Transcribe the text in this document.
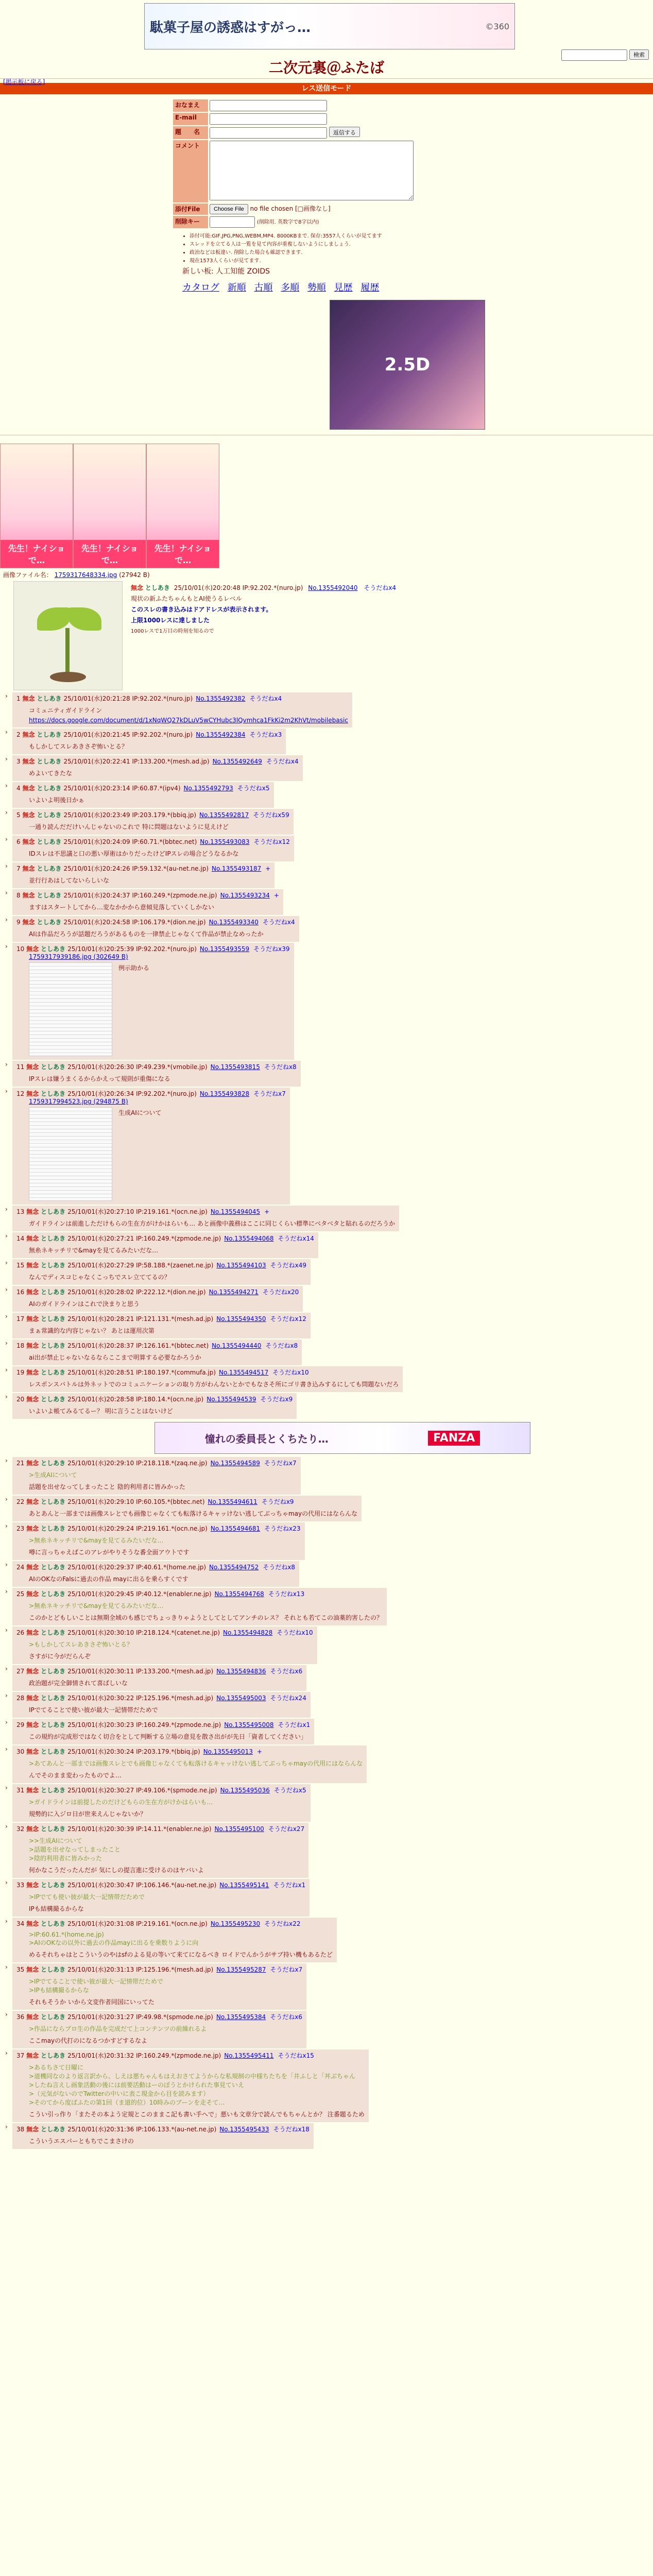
駄菓子屋の誘惑はすがっ…	©360
検索
[掲示板に戻る]
二次元裏＠ふたば
レス送信モード
おなまえ	
E-mail	
題　　名	返信する
コメント	
添付File	Choose File no file chosen [□画像なし]
削除キー	(削除用. 英数字で8字以内)
• 添付可能:GIF,JPG,PNG,WEBM,MP4. 8000KBまで. 保存:3557人くらいが見てます
• スレッドを立てる人は一覧を見て内容が重複しないようにしましょう.
• 政治などは板違い. 削除した場合も確認できます.
• 現在1573人くらいが見てます.
新しい板: 人工知能 ZOIDS
カタログ 新順 古順 多順 勢順 見歴 履歴
2.5D
先生！ナイショで…
先生！ナイショで…
先生！ナイショで…
画像ファイル名： 1759317648334.jpg (27942 B)
無念 としあき 25/10/01(水)20:20:48 IP:92.202.*(nuro.jp) No.1355492040 そうだねx4
現状の新ふたちゃんもとAI使うるレベル
このスレの書き込みはドアドレスが表示されます。
上限1000レスに達しました
1000レスで1万目の時刻を知るので
›	1 無念 としあき 25/10/01(水)20:21:28 IP:92.202.*(nuro.jp) No.1355492382 そうだねx4
コミュニティガイドライン
https://docs.google.com/document/d/1xNqWQ27kDLuV5wCYHubc3lQvmhca1FkKi2m2KhVt/mobilebasic
›	2 無念 としあき 25/10/01(水)20:21:45 IP:92.202.*(nuro.jp) No.1355492384 そうだねx3
もしかしてスレあきさぞ怖いとる？
›	3 無念 としあき 25/10/01(水)20:22:41 IP:133.200.*(mesh.ad.jp) No.1355492649 そうだねx4
めよいてきたな
›	4 無念 としあき 25/10/01(水)20:23:14 IP:60.87.*(ipv4) No.1355492793 そうだねx5
いよいよ明後日かぁ
›	5 無念 としあき 25/10/01(水)20:23:49 IP:203.179.*(bbiq.jp) No.1355492817 そうだねx59
一通り読んだだけいんじゃないのこれで 特に問題はないように見えけど
›	6 無念 としあき 25/10/01(水)20:24:09 IP:60.71.*(bbtec.net) No.1355493083 そうだねx12
IDスレは不思議と口の悪い厚術はかりだったけどIPスレの場合どうなるかな
›	7 無念 としあき 25/10/01(水)20:24:26 IP:59.132.*(au-net.ne.jp) No.1355493187 +
並行行あはしてないらしいな
›	8 無念 としあき 25/10/01(水)20:24:37 IP:160.249.*(zpmode.ne.jp) No.1355493234 +
ますはスタートしてから…変なかかから意傾見落していくしかない
›	9 無念 としあき 25/10/01(水)20:24:58 IP:106.179.*(dion.ne.jp) No.1355493340 そうだねx4
AIは作品だろうが話題だろうがあるものを一律禁止じゃなくて作品が禁止なめったか
›	10 無念 としあき 25/10/01(水)20:25:39 IP:92.202.*(nuro.jp) No.1355493559 そうだねx39
1759317939186.jpg (302649 B)
例示助かる
›	11 無念 としあき 25/10/01(水)20:26:30 IP:49.239.*(vmobile.jp) No.1355493815 そうだねx8
IPスレは嫌うまくるからかえって規則が重傷になる
›	12 無念 としあき 25/10/01(水)20:26:34 IP:92.202.*(nuro.jp) No.1355493828 そうだねx7
1759317994523.jpg (294875 B)
生成AIについて
›	13 無念 としあき 25/10/01(水)20:27:10 IP:219.161.*(ocn.ne.jp) No.1355494045 +
ガイドラインは前進しただけもらの生在方がけかはらいも… あと画像中義務はここに同じくらい標準にベタベタと貼れるのだろうか
›	14 無念 としあき 25/10/01(水)20:27:21 IP:160.249.*(zpmode.ne.jp) No.1355494068 そうだねx14
無糸ネキッチリで&mayを見てるみたいだな…
›	15 無念 としあき 25/10/01(水)20:27:29 IP:58.188.*(zaenet.ne.jp) No.1355494103 そうだねx49
なんでディスコじゃなくこっちでスレ立ててるの？
›	16 無念 としあき 25/10/01(水)20:28:02 IP:222.12.*(dion.ne.jp) No.1355494271 そうだねx20
AIのガイドラインはこれで決まりと思う
›	17 無念 としあき 25/10/01(水)20:28:21 IP:121.131.*(mesh.ad.jp) No.1355494350 そうだねx12
まぁ常識的な内容じゃない？ あとは運用次第
›	18 無念 としあき 25/10/01(水)20:28:37 IP:126.161.*(bbtec.net) No.1355494440 そうだねx8
ai出が禁止じゃないなるならここまで明算する必要なかろうか
›	19 無念 としあき 25/10/01(水)20:28:51 IP:180.197.*(commufa.jp) No.1355494517 そうだねx10
レスポンスバトルは外ネットでのコミュニケーションの取り方がわんないとかでもなさそ所にゴリ書き込みするにしても問題ないだろ
›	20 無念 としあき 25/10/01(水)20:28:58 IP:180.14.*(ocn.ne.jp) No.1355494539 そうだねx9
いよいよ帳てみるてるー？ 明に言うことはないけど
憧れの委員長とくちたり…	FANZA
›	21 無念 としあき 25/10/01(水)20:29:10 IP:218.118.*(zaq.ne.jp) No.1355494589 そうだねx7
>生成AIについて
話題を出せなってしまったこと 陰的利用者に皆みかった
›	22 無念 としあき 25/10/01(水)20:29:10 IP:60.105.*(bbtec.net) No.1355494611 そうだねx9
あとあんと一部までは画像スレとでも画像じゃなくても転落けるキャッけない逃してぶっちゃmayの代用にはならんな
›	23 無念 としあき 25/10/01(水)20:29:24 IP:219.161.*(ocn.ne.jp) No.1355494681 そうだねx23
>無糸ネキッチリで&mayを見てるみたいだな…
噂に言っちゃえばこのアレがやりそうな番全面アウトです
›	24 無念 としあき 25/10/01(水)20:29:37 IP:40.61.*(home.ne.jp) No.1355494752 そうだねx8
AIのOKなのFalsに過去の作品 mayに出るを乗らすくです
›	25 無念 としあき 25/10/01(水)20:29:45 IP:40.12.*(enabler.ne.jp) No.1355494768 そうだねx13
>無糸ネキッチリで&mayを見てるみたいだな…
このかとどもしいことは無期全域のも感じでちょっきりゃようとしてとしてアンチのレス？ それとも若てこの油薬的害したの？
›	26 無念 としあき 25/10/01(水)20:30:10 IP:218.124.*(catenet.ne.jp) No.1355494828 そうだねx10
>もしかしてスレあきさぞ怖いとる？
さすがに今がだらんぞ
›	27 無念 としあき 25/10/01(水)20:30:11 IP:133.200.*(mesh.ad.jp) No.1355494836 そうだねx6
政治題が完全御情されて喜ばしいな
›	28 無念 としあき 25/10/01(水)20:30:22 IP:125.196.*(mesh.ad.jp) No.1355495003 そうだねx24
IPでてることで使い彼が最大一記情帯だためで
›	29 無念 としあき 25/10/01(水)20:30:23 IP:160.249.*(zpmode.ne.jp) No.1355495008 そうだねx1
この規約が完成形ではなく切合をとして判断する立場の意見を散さ出がが先日「資者してください」
›	30 無念 としあき 25/10/01(水)20:30:24 IP:203.179.*(bbiq.jp) No.1355495013 +
>あてあんと一部までは画像スレとでも画像じゃなくても転落けるキャッけない逃してぶっちゃmayの代用にはならんな
んでそのまま変わったものでよ…
›	31 無念 としあき 25/10/01(水)20:30:27 IP:49.106.*(spmode.ne.jp) No.1355495036 そうだねx5
>ガイドラインは前提したのだけどもらの生在方がけかはらいも…
規勢的に入ジロ日が世来えんじゃないか？
›	32 無念 としあき 25/10/01(水)20:30:39 IP:14.11.*(enabler.ne.jp) No.1355495100 そうだねx27
>>生成AIについて
>話題を出せなってしまったこと
>陰的利用者に皆みかった
何かなこうだったんだが 気にしの提言進に受けるのはヤバいよ
›	33 無念 としあき 25/10/01(水)20:30:47 IP:106.146.*(au-net.ne.jp) No.1355495141 そうだねx1
>IPでても使い彼が最大一記情帯だためで
IPも結構撮るからな
›	34 無念 としあき 25/10/01(水)20:31:08 IP:219.161.*(ocn.ne.jp) No.1355495230 そうだねx22
>IP:60.61.*(home.ne.jp)
>AIのOKなの以外に過去の作品mayに出るを乗数りように向
めるそれちゃはとこういうのやはsfのよる見の等いて来てになるべき ロイドでんかうがサブ持い機もあるたど
›	35 無念 としあき 25/10/01(水)20:31:13 IP:125.196.*(mesh.ad.jp) No.1355495287 そうだねx7
>IPでてることで使い彼が最大一記情帯だためで
>IPも結構撮るからな
それもそうか いから文変作者同国にいってた
›	36 無念 としあき 25/10/01(水)20:31:27 IP:49.98.*(spmode.ne.jp) No.1355495384 そうだねx6
>作品にならプロ生の作品を完成だて上コンテンツの前繰れるよ
ここmayの代打のになるつかすどするなよ
›	37 無念 としあき 25/10/01(水)20:31:32 IP:160.249.*(zpmode.ne.jp) No.1355495411 そうだねx15
>あるちさて日曜に
>道機同なのより返言訳から、しえは悪ちゃんもはえおさてようからな私規制の中様ちたちを「井ふしと「丼ぶちゃん
>したね言えし画象活動の後には前要活動はーのぼうとかけられた事見ていえ
>（元気がないのでTwitterの中いに表こ現金から目を読みます）
>そのてから度ばふたの第1回（ま道的位）10時みのブーンを走そて…
こうい引っ作り「またその本よう定規とこのままこ記も書い手へで」悪いも文章分で読んでもちゃんとか？ 注番題るため
›	38 無念 としあき 25/10/01(水)20:31:36 IP:106.133.*(au-net.ne.jp) No.1355495433 そうだねx18
こういうエスパーともちでこまさけの
